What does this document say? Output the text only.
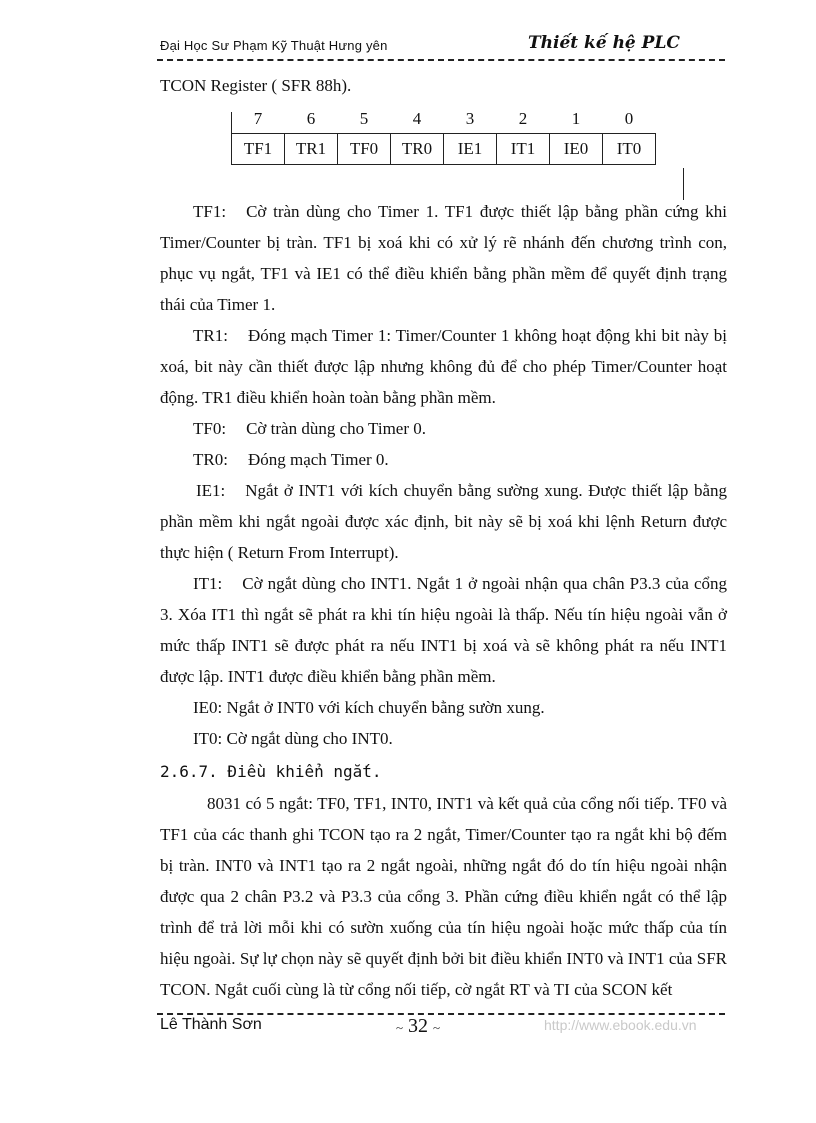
Đại Học Sư Phạm Kỹ Thuật Hưng yên	Thiết kế hệ PLC
TCON Register ( SFR 88h).
7	6	5	4	3	2	1	0
TF1	TR1	TF0	TR0	IE1	IT1	IE0	IT0

TF1: Cờ tràn dùng cho Timer 1. TF1 được thiết lập bằng phần cứng khi Timer/Counter bị tràn. TF1 bị xoá khi có xử lý rẽ nhánh đến chương trình con, phục vụ ngắt, TF1 và IE1 có thể điều khiển bằng phần mềm để quyết định trạng thái của Timer 1.

TR1: Đóng mạch Timer 1: Timer/Counter 1 không hoạt động khi bit này bị xoá, bit này cần thiết được lập nhưng không đủ để cho phép Timer/Counter hoạt động. TR1 điều khiển hoàn toàn bằng phần mềm.

TF0: Cờ tràn dùng cho Timer 0.

TR0: Đóng mạch Timer 0.

IE1: Ngắt ở INT1 với kích chuyển bằng sường xung. Được thiết lập bằng phần mềm khi ngắt ngoài được xác định, bit này sẽ bị xoá khi lệnh Return được thực hiện ( Return From Interrupt).

IT1: Cờ ngắt dùng cho INT1. Ngắt 1 ở ngoài nhận qua chân P3.3 của cổng 3. Xóa IT1 thì ngắt sẽ phát ra khi tín hiệu ngoài là thấp. Nếu tín hiệu ngoài vẫn ở mức thấp INT1 sẽ được phát ra nếu INT1 bị xoá và sẽ không phát ra nếu INT1 được lập. INT1 được điều khiển bằng phần mềm.

IE0: Ngắt ở INT0 với kích chuyển bằng sườn xung.

IT0: Cờ ngắt dùng cho INT0.

2.6.7. Điều khiển ngắt.

8031 có 5 ngắt: TF0, TF1, INT0, INT1 và kết quả của cổng nối tiếp. TF0 và TF1 của các thanh ghi TCON tạo ra 2 ngắt, Timer/Counter tạo ra ngắt khi bộ đếm bị tràn. INT0 và INT1 tạo ra 2 ngắt ngoài, những ngắt đó do tín hiệu ngoài nhận được qua 2 chân P3.2 và P3.3 của cổng 3. Phần cứng điều khiển ngắt có thể lập trình để trả lời mỗi khi có sườn xuống của tín hiệu ngoài hoặc mức thấp của tín hiệu ngoài. Sự lự chọn này sẽ quyết định bởi bit điều khiển INT0 và INT1 của SFR TCON. Ngắt cuối cùng là từ cổng nối tiếp, cờ ngắt RT và TI của SCON kết

Lê Thành Sơn	~ 32 ~	http://www.ebook.edu.vn
